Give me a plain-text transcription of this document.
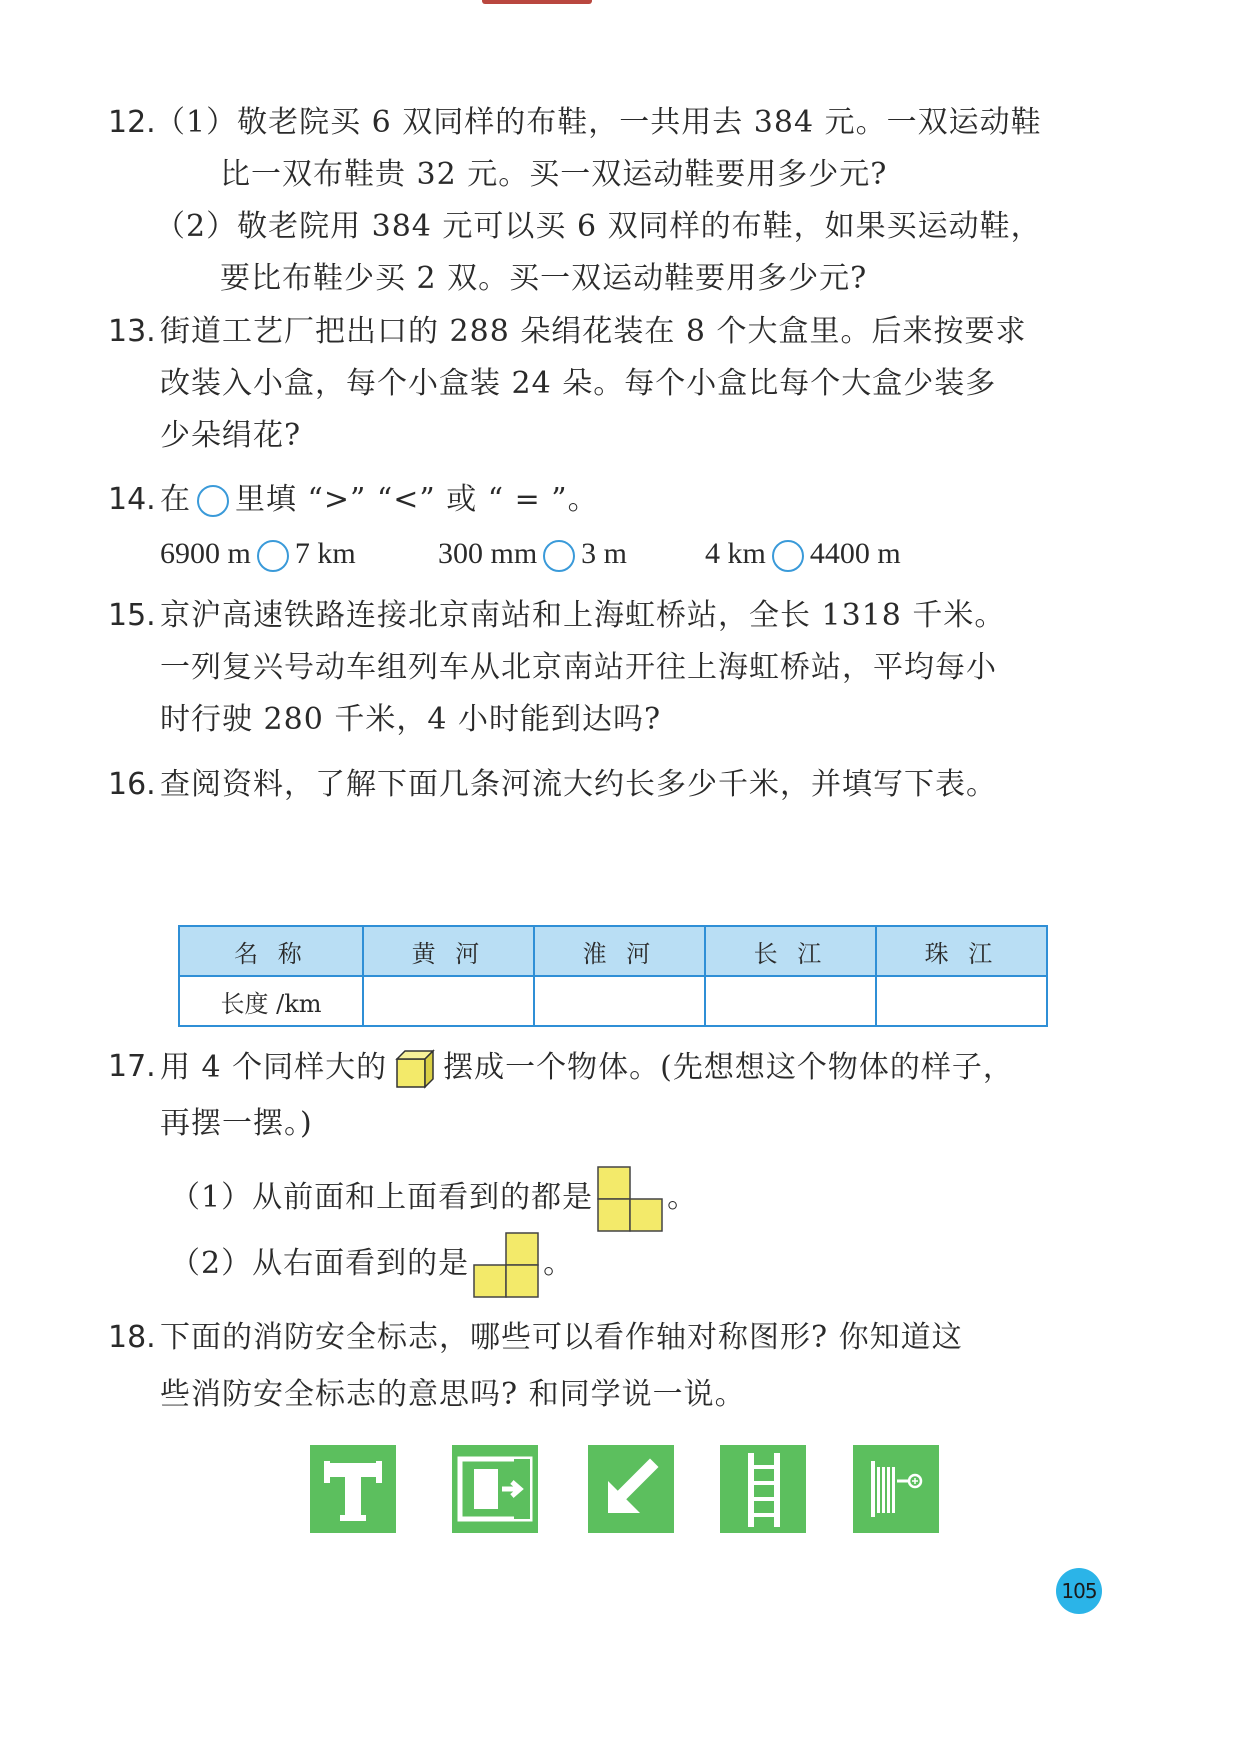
12. （1）敬老院买 6 双同样的布鞋，一共用去 384 元。一双运动鞋
比一双布鞋贵 32 元。买一双运动鞋要用多少元?
（2）敬老院用 384 元可以买 6 双同样的布鞋，如果买运动鞋，
要比布鞋少买 2 双。买一双运动鞋要用多少元?
13. 街道工艺厂把出口的 288 朵绢花装在 8 个大盒里。后来按要求
改装入小盒，每个小盒装 24 朵。每个小盒比每个大盒少装多
少朵绢花?
14. 在 里填 “>” “<” 或 “ = ”。
6900 m 7 km	300 mm 3 m	4 km 4400 m
15. 京沪高速铁路连接北京南站和上海虹桥站，全长 1318 千米。
一列复兴号动车组列车从北京南站开往上海虹桥站，平均每小
时行驶 280 千米，4 小时能到达吗?
16. 查阅资料，了解下面几条河流大约长多少千米，并填写下表。
名 称	黄 河	淮 河	长 江	珠 江
长度 /km				
17. 用 4 个同样大的 摆成一个物体。(先想想这个物体的样子，
再摆一摆。)
（1）从前面和上面看到的都是 。
（2）从右面看到的是 。
18. 下面的消防安全标志，哪些可以看作轴对称图形? 你知道这
些消防安全标志的意思吗? 和同学说一说。
105
